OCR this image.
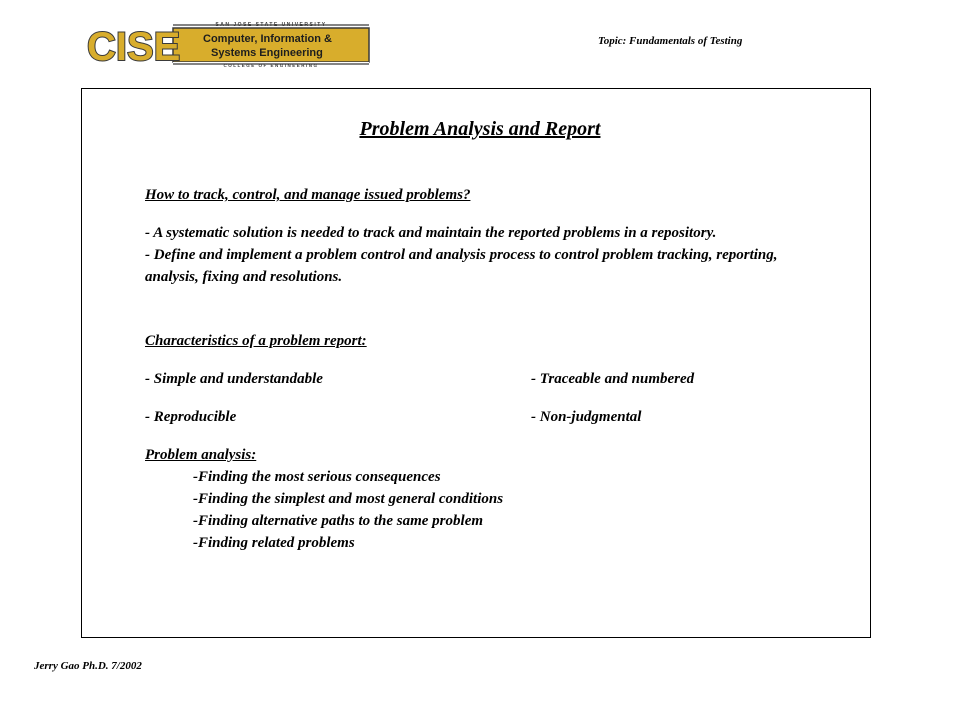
CISE	SAN JOSE STATE UNIVERSITY
Computer, Information &
Systems Engineering
COLLEGE OF ENGINEERING
Topic: Fundamentals of Testing
Problem Analysis and Report

How to track, control, and manage issued problems?

- A systematic solution is needed to track and maintain the reported problems in a repository.

- Define and implement a problem control and analysis process to control problem tracking, reporting, analysis, fixing and resolutions.

Characteristics of a problem report:

- Simple and understandable	- Traceable and numbered
- Reproducible	- Non-judgmental

Problem analysis:

-Finding the most serious consequences

-Finding the simplest and most general conditions

-Finding alternative paths to the same problem

-Finding related problems

Jerry Gao Ph.D. 7/2002
